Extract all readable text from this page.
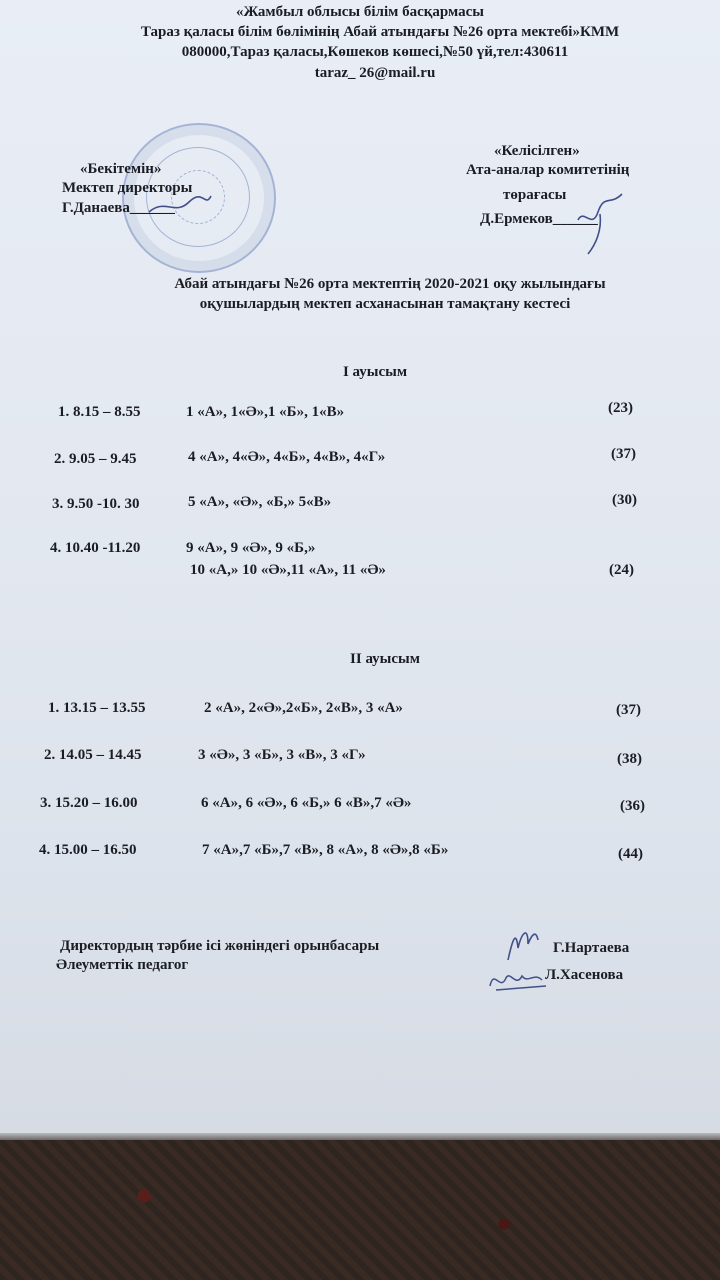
«Жамбыл облысы білім басқармасы
Тараз қаласы білім бөлімінің Абай атындағы №26 орта мектебі»КММ
080000,Тараз қаласы,Көшеков көшесі,№50 үй,тел:430611
taraz_ 26@mail.ru
«Бекітемін»
Мектеп директоры
Г.Данаева______
«Келісілген»
Ата-аналар комитетінің
төрағасы
Д.Ермеков______
Абай атындағы №26 орта мектептің 2020-2021 оқу жылындағы
оқушылардың мектеп асханасынан тамақтану кестесі
I ауысым
1. 8.15 – 8.55	1 «А», 1«Ә»,1 «Б», 1«В»	(23)
2. 9.05 – 9.45	4 «А», 4«Ә», 4«Б», 4«В», 4«Г»	(37)
3. 9.50 -10. 30	5 «А», «Ә», «Б,» 5«В»	(30)
4. 10.40 -11.20	9 «А», 9 «Ә», 9 «Б,»
10 «А,» 10 «Ә»,11 «А», 11 «Ә»	(24)
II ауысым
1. 13.15 – 13.55	2 «А», 2«Ә»,2«Б», 2«В», 3 «А»	(37)
2. 14.05 – 14.45	3 «Ә», 3 «Б», 3 «В», 3 «Г»	(38)
3. 15.20 – 16.00	6 «А», 6 «Ә», 6 «Б,» 6 «В»,7 «Ә»	(36)
4. 15.00 – 16.50	7 «А»,7 «Б»,7 «В», 8 «А», 8 «Ә»,8 «Б»	(44)
Директордың тәрбие ісі жөніндегі орынбасары	Г.Нартаева
Әлеуметтік педагог
Л.Хасенова
